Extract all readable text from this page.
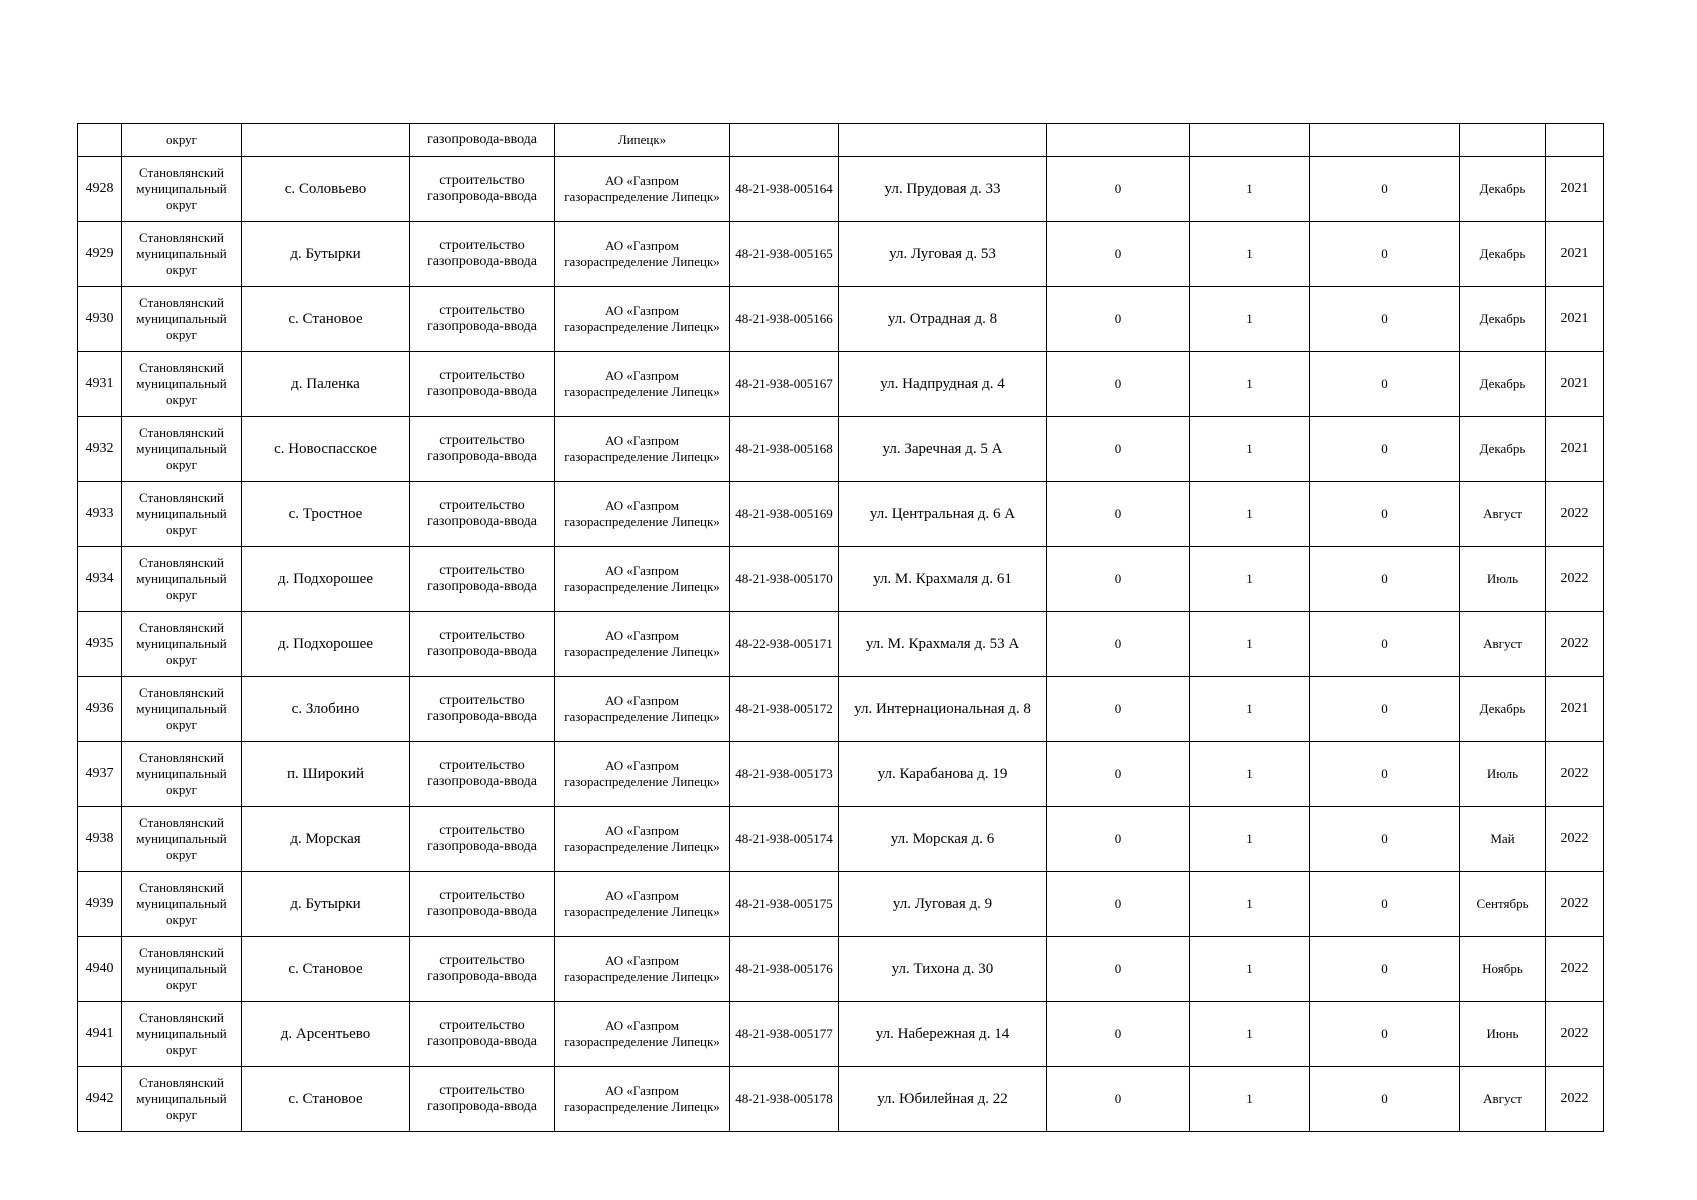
	округ		газопровода-ввода	Липецк»							
4928	Становлянский муниципальный округ	с. Соловьево	строительство газопровода-ввода	АО «Газпром газораспределение Липецк»	48-21-938-005164	ул. Прудовая д. 33	0	1	0	Декабрь	2021
4929	Становлянский муниципальный округ	д. Бутырки	строительство газопровода-ввода	АО «Газпром газораспределение Липецк»	48-21-938-005165	ул. Луговая д. 53	0	1	0	Декабрь	2021
4930	Становлянский муниципальный округ	с. Становое	строительство газопровода-ввода	АО «Газпром газораспределение Липецк»	48-21-938-005166	ул. Отрадная д. 8	0	1	0	Декабрь	2021
4931	Становлянский муниципальный округ	д. Паленка	строительство газопровода-ввода	АО «Газпром газораспределение Липецк»	48-21-938-005167	ул. Надпрудная д. 4	0	1	0	Декабрь	2021
4932	Становлянский муниципальный округ	с. Новоспасское	строительство газопровода-ввода	АО «Газпром газораспределение Липецк»	48-21-938-005168	ул. Заречная д. 5 А	0	1	0	Декабрь	2021
4933	Становлянский муниципальный округ	с. Тростное	строительство газопровода-ввода	АО «Газпром газораспределение Липецк»	48-21-938-005169	ул. Центральная д. 6 А	0	1	0	Август	2022
4934	Становлянский муниципальный округ	д. Подхорошее	строительство газопровода-ввода	АО «Газпром газораспределение Липецк»	48-21-938-005170	ул. М. Крахмаля д. 61	0	1	0	Июль	2022
4935	Становлянский муниципальный округ	д. Подхорошее	строительство газопровода-ввода	АО «Газпром газораспределение Липецк»	48-22-938-005171	ул. М. Крахмаля д. 53 А	0	1	0	Август	2022
4936	Становлянский муниципальный округ	с. Злобино	строительство газопровода-ввода	АО «Газпром газораспределение Липецк»	48-21-938-005172	ул. Интернациональная д. 8	0	1	0	Декабрь	2021
4937	Становлянский муниципальный округ	п. Широкий	строительство газопровода-ввода	АО «Газпром газораспределение Липецк»	48-21-938-005173	ул. Карабанова д. 19	0	1	0	Июль	2022
4938	Становлянский муниципальный округ	д. Морская	строительство газопровода-ввода	АО «Газпром газораспределение Липецк»	48-21-938-005174	ул. Морская д. 6	0	1	0	Май	2022
4939	Становлянский муниципальный округ	д. Бутырки	строительство газопровода-ввода	АО «Газпром газораспределение Липецк»	48-21-938-005175	ул. Луговая д. 9	0	1	0	Сентябрь	2022
4940	Становлянский муниципальный округ	с. Становое	строительство газопровода-ввода	АО «Газпром газораспределение Липецк»	48-21-938-005176	ул. Тихона д. 30	0	1	0	Ноябрь	2022
4941	Становлянский муниципальный округ	д. Арсентьево	строительство газопровода-ввода	АО «Газпром газораспределение Липецк»	48-21-938-005177	ул. Набережная д. 14	0	1	0	Июнь	2022
4942	Становлянский муниципальный округ	с. Становое	строительство газопровода-ввода	АО «Газпром газораспределение Липецк»	48-21-938-005178	ул. Юбилейная д. 22	0	1	0	Август	2022
